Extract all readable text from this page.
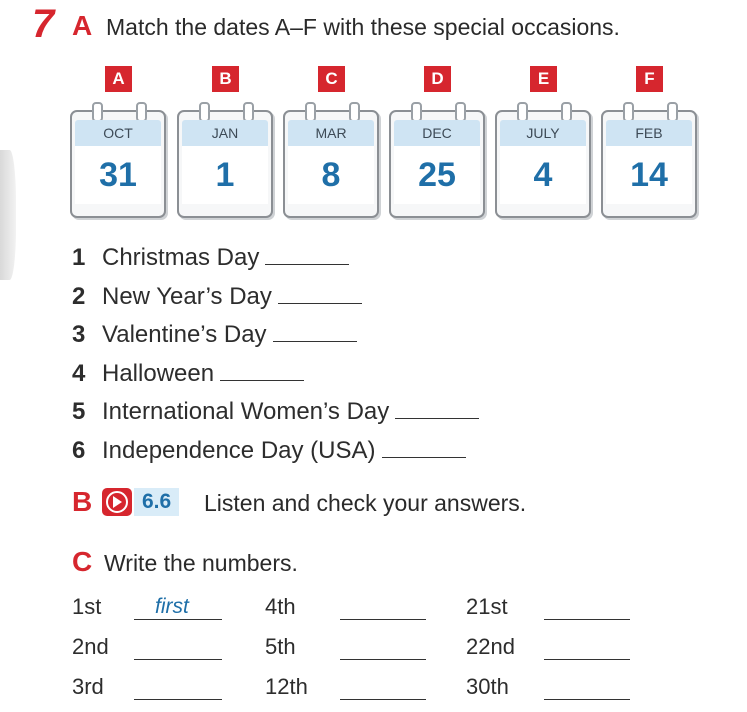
7 A Match the dates A–F with these special occasions.
A
OCT
31
B
JAN
1
C
MAR
8
D
DEC
25
E
JULY
4
F
FEB
14
1 Christmas Day
2 New Year’s Day
3 Valentine’s Day
4 Halloween
5 International Women’s Day
6 Independence Day (USA)
B	6.6	Listen and check your answers.
C Write the numbers.
1st	first	4th	21st
2nd	5th	22nd
3rd	12th	30th
